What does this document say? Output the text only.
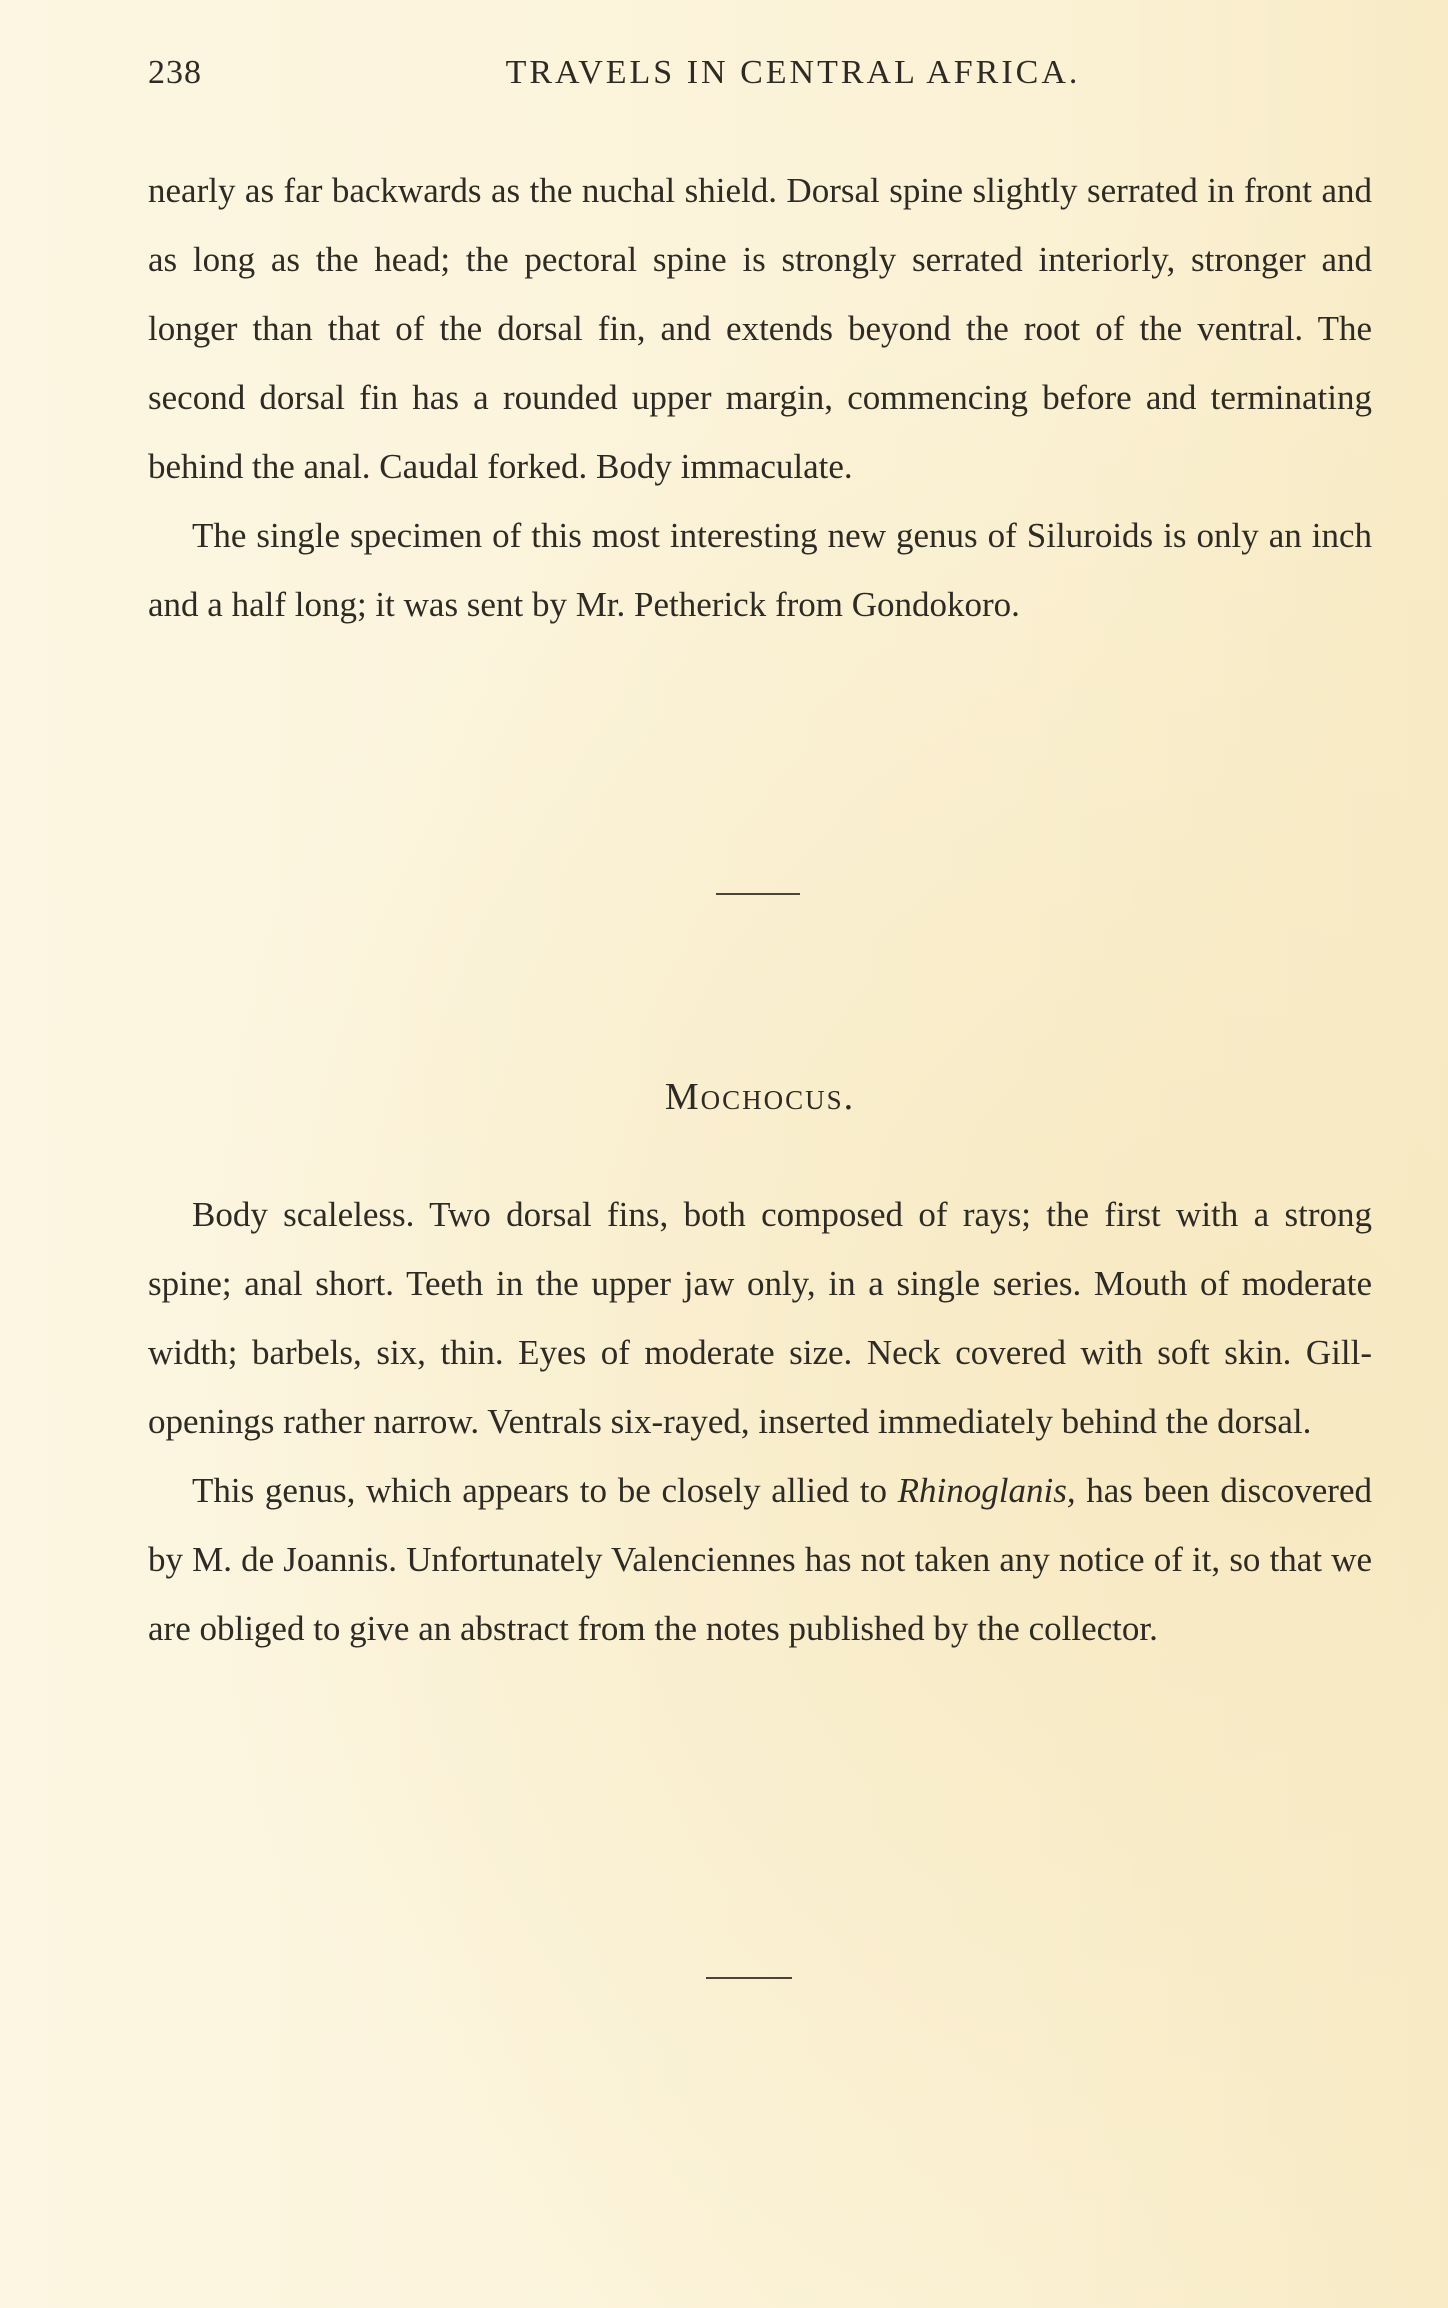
238	TRAVELS IN CENTRAL AFRICA.

nearly as far backwards as the nuchal shield. Dorsal spine slightly serrated in front and as long as the head; the pectoral spine is strongly serrated interiorly, stronger and longer than that of the dorsal fin, and extends beyond the root of the ventral. The second dorsal fin has a rounded upper margin, commencing before and terminating behind the anal. Caudal forked. Body immaculate.

The single specimen of this most interesting new genus of Siluroids is only an inch and a half long; it was sent by Mr. Petherick from Gondokoro.

Mochocus.

Body scaleless. Two dorsal fins, both composed of rays; the first with a strong spine; anal short. Teeth in the upper jaw only, in a single series. Mouth of moderate width; barbels, six, thin. Eyes of moderate size. Neck covered with soft skin. Gill-openings rather narrow. Ventrals six-rayed, inserted immediately behind the dorsal.

This genus, which appears to be closely allied to Rhinoglanis, has been discovered by M. de Joannis. Unfortunately Valenciennes has not taken any notice of it, so that we are obliged to give an abstract from the notes published by the collector.
